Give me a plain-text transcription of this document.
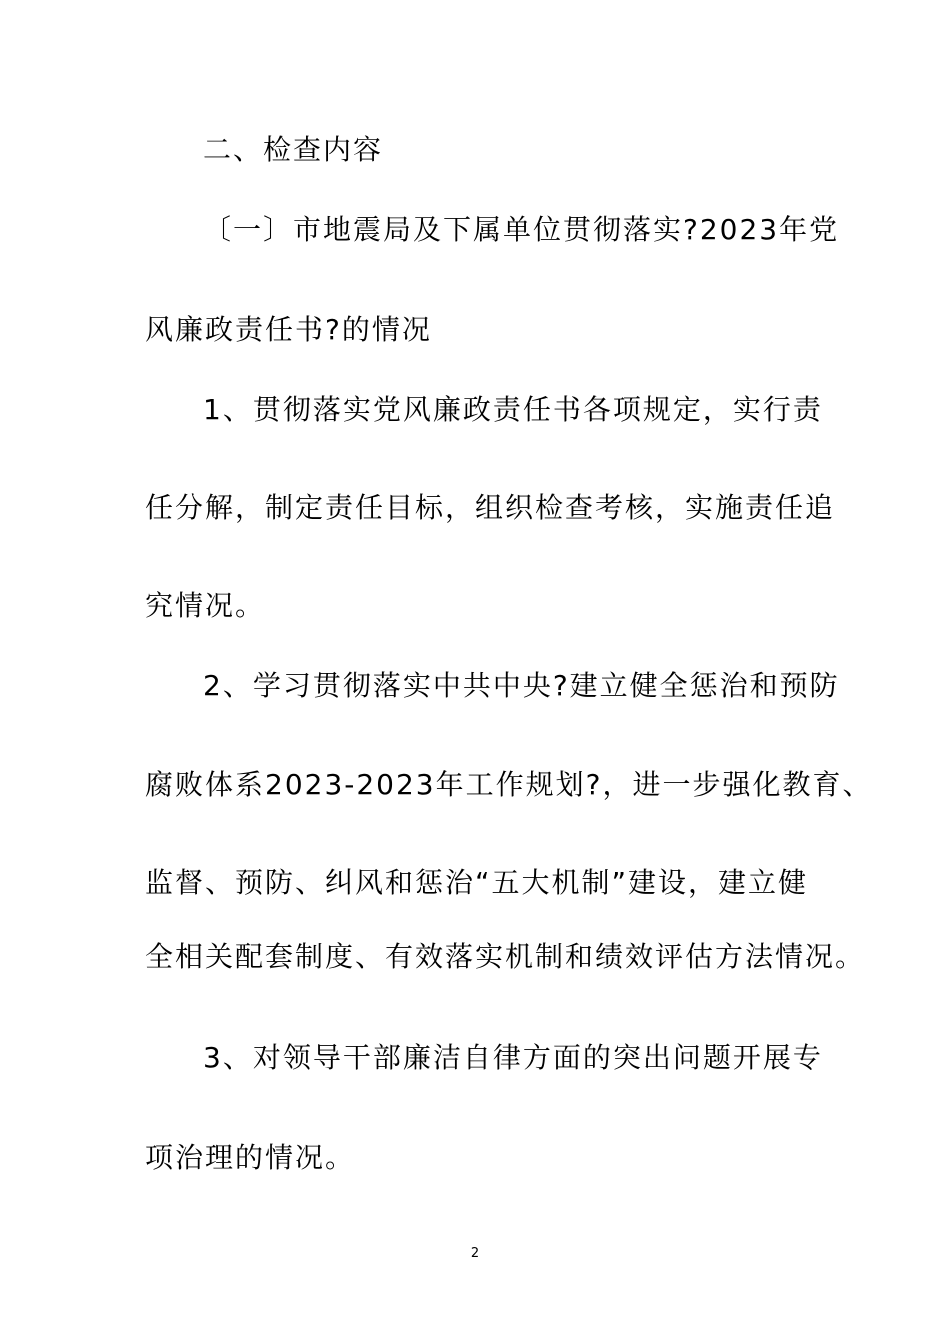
二、检查内容
〔一〕市地震局及下属单位贯彻落实?2023年党
风廉政责任书?的情况
1、贯彻落实党风廉政责任书各项规定，实行责
任分解，制定责任目标，组织检查考核，实施责任追
究情况。
2、学习贯彻落实中共中央?建立健全惩治和预防
腐败体系2023-2023年工作规划?，进一步强化教育、
监督、预防、纠风和惩治“五大机制”建设，建立健
全相关配套制度、有效落实机制和绩效评估方法情况。
3、对领导干部廉洁自律方面的突出问题开展专
项治理的情况。
2
